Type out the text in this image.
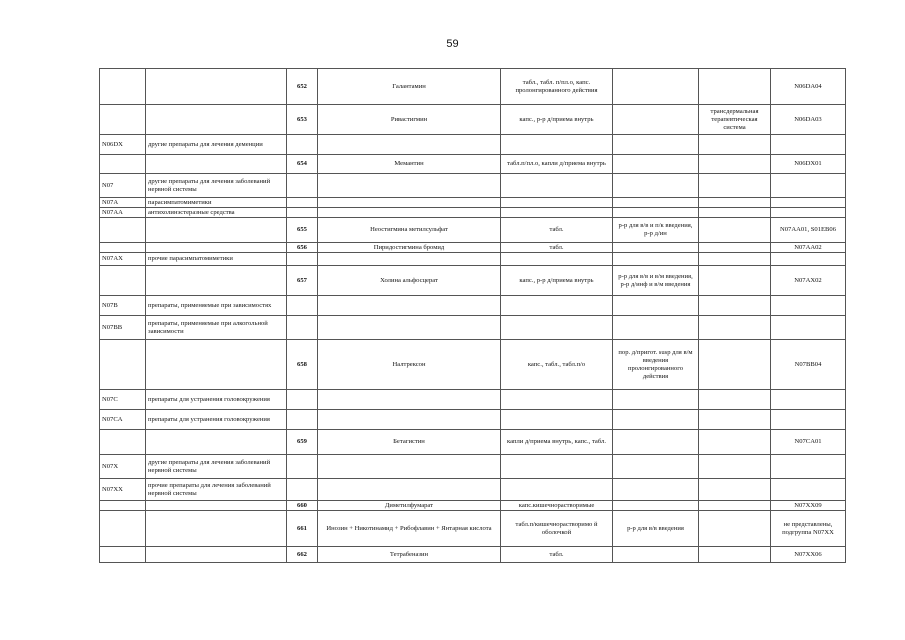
59
		652	Галантамин	табл., табл. п/пл.о, капс. пролонгированного действия			N06DA04
		653	Ривастигмин	капс., р-р д/приема внутрь		трансдермальная терапевтическая система	N06DA03
N06DX	другие препараты для лечения деменции						
		654	Мемантин	табл.п/пл.о, капли д/приема внутрь			N06DX01
N07	другие препараты для лечения заболеваний нервной системы						
N07A	парасимпатомиметики						
N07AA	антихолинэстеразные средства						
		655	Неостигмина метилсульфат	табл.	р-р для в/в и п/к введения, р-р д/ин		N07AA01, S01EB06
		656	Пиридостигмина бромид	табл.			N07AA02
N07AX	прочие парасимпатомиметики						
		657	Холина альфосцерат	капс., р-р д/приема внутрь	р-р для в/в и в/м введения, р-р д/инф и в/м введения		N07AX02
N07B	препараты, применяемые при зависимостях						
N07BB	препараты, применяемые при алкогольной зависимости						
		658	Налтрексон	капс., табл., табл.п/о	пор. д/пригот. susp для в/м введения пролонгированного действия		N07BB04
N07C	препараты для устранения головокружения						
N07CA	препараты для устранения головокружения						
		659	Бетагистин	капли д/приема внутрь, капс., табл.			N07CA01
N07X	другие препараты для лечения заболеваний нервной системы						
N07XX	прочие препараты для лечения заболеваний нервной системы						
		660	Диметилфумарат	капс.кишечнорастворимые			N07XX09
		661	Инозин + Никотинамид + Рибофлавин + Янтарная кислота	табл.п/кишечнорастворимо й оболочкой	р-р для в/в введения		не представлены, подгруппа N07XX
		662	Тетрабеназин	табл.			N07XX06
